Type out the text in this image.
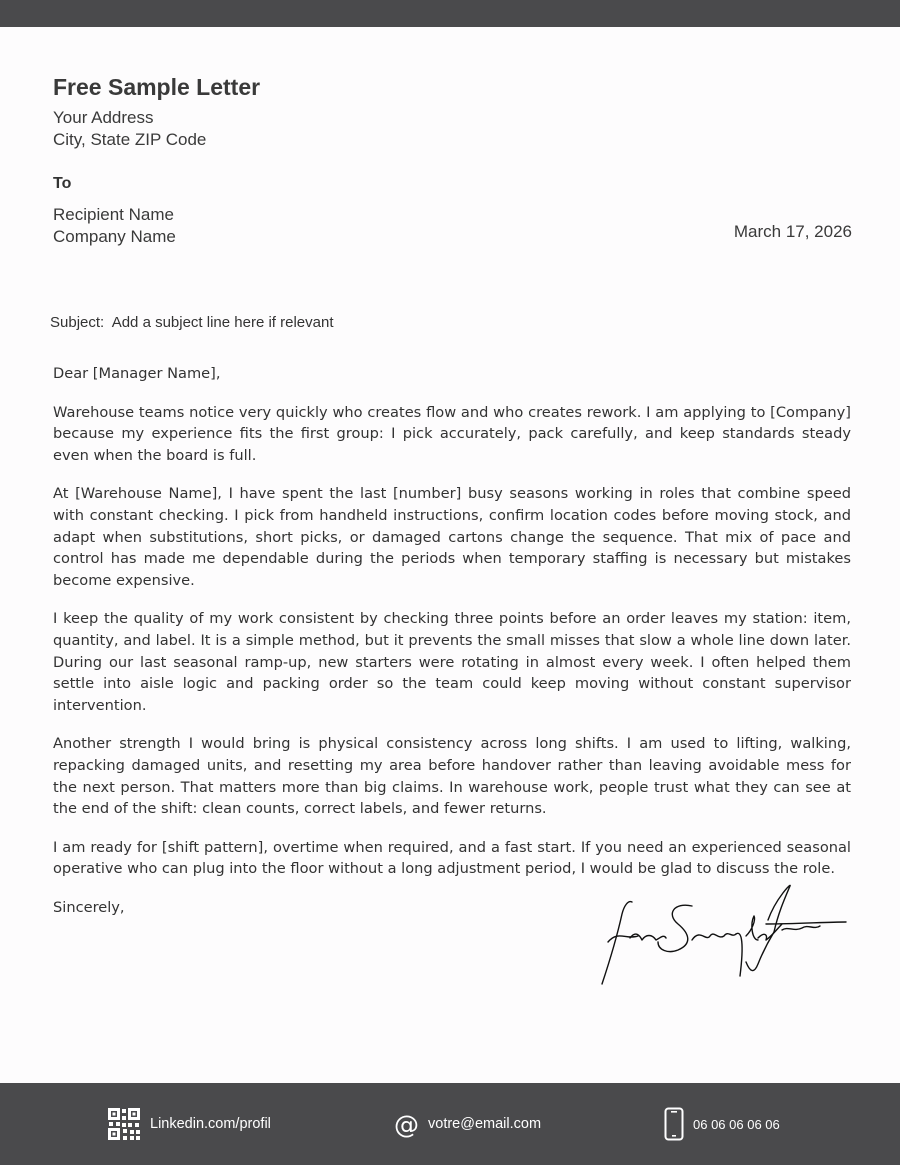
Free Sample Letter
Your Address
City, State ZIP Code
To
Recipient Name
Company Name	March 17, 2026
Subject:  Add a subject line here if relevant

Dear [Manager Name],

Warehouse teams notice very quickly who creates flow and who creates rework. I am applying to [Company] because my experience fits the first group: I pick accurately, pack carefully, and keep standards steady even when the board is full.

At [Warehouse Name], I have spent the last [number] busy seasons working in roles that combine speed with constant checking. I pick from handheld instructions, confirm location codes before moving stock, and adapt when substitutions, short picks, or damaged cartons change the sequence. That mix of pace and control has made me dependable during the periods when temporary staffing is necessary but mistakes become expensive.

I keep the quality of my work consistent by checking three points before an order leaves my station: item, quantity, and label. It is a simple method, but it prevents the small misses that slow a whole line down later. During our last seasonal ramp-up, new starters were rotating in almost every week. I often helped them settle into aisle logic and packing order so the team could keep moving without constant supervisor intervention.

Another strength I would bring is physical consistency across long shifts. I am used to lifting, walking, repacking damaged units, and resetting my area before handover rather than leaving avoidable mess for the next person. That matters more than big claims. In warehouse work, people trust what they can see at the end of the shift: clean counts, correct labels, and fewer returns.

I am ready for [shift pattern], overtime when required, and a fast start. If you need an experienced seasonal operative who can plug into the floor without a long adjustment period, I would be glad to discuss the role.

Sincerely,

Linkedin.com/profil	@ votre@email.com	06 06 06 06 06
